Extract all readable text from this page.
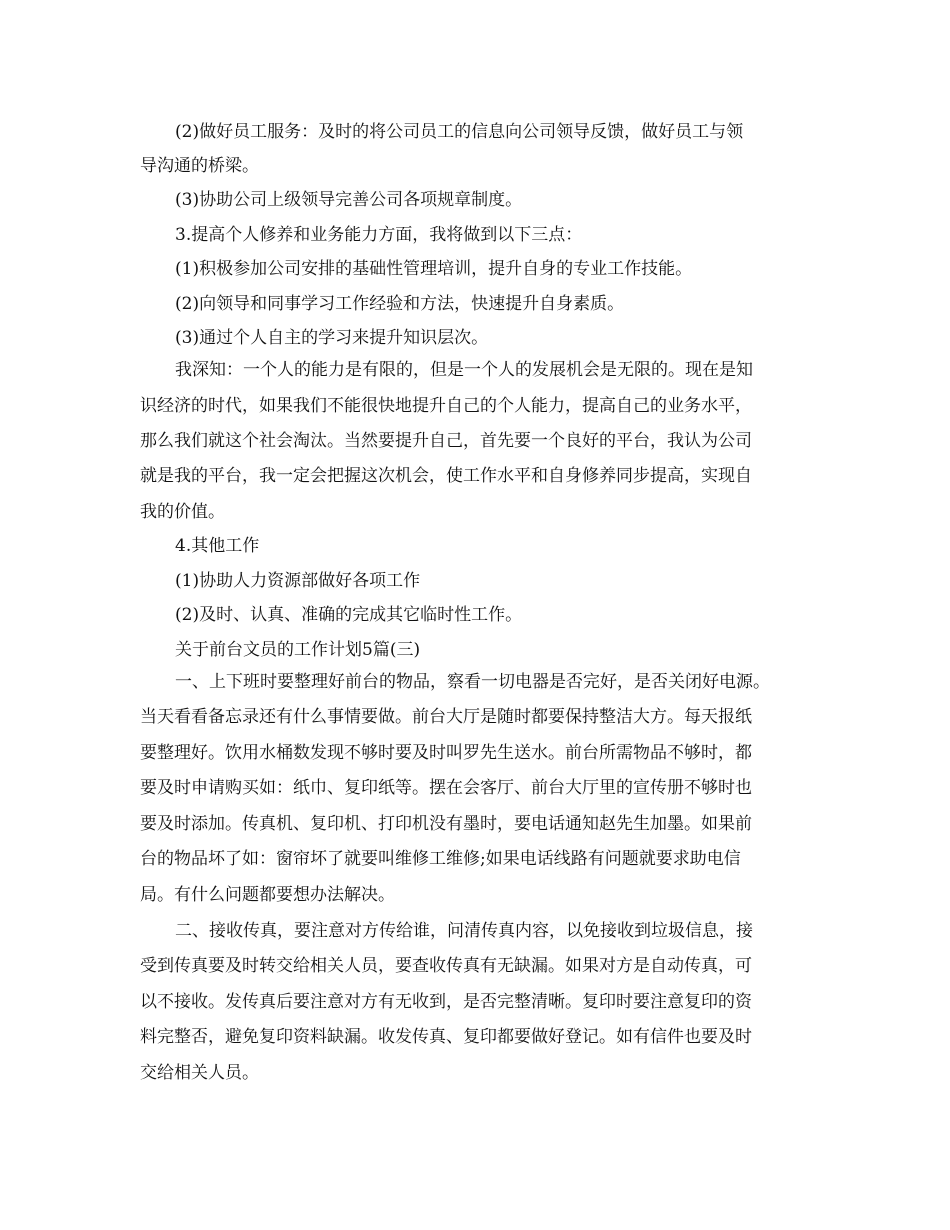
(2)做好员工服务：及时的将公司员工的信息向公司领导反馈，做好员工与领
导沟通的桥梁。
(3)协助公司上级领导完善公司各项规章制度。
3.提高个人修养和业务能力方面，我将做到以下三点：
(1)积极参加公司安排的基础性管理培训，提升自身的专业工作技能。
(2)向领导和同事学习工作经验和方法，快速提升自身素质。
(3)通过个人自主的学习来提升知识层次。
我深知：一个人的能力是有限的，但是一个人的发展机会是无限的。现在是知
识经济的时代，如果我们不能很快地提升自己的个人能力，提高自己的业务水平，
那么我们就这个社会淘汰。当然要提升自己，首先要一个良好的平台，我认为公司
就是我的平台，我一定会把握这次机会，使工作水平和自身修养同步提高，实现自
我的价值。
4.其他工作
(1)协助人力资源部做好各项工作
(2)及时、认真、准确的完成其它临时性工作。
关于前台文员的工作计划5篇(三)
一、上下班时要整理好前台的物品，察看一切电器是否完好，是否关闭好电源。
当天看看备忘录还有什么事情要做。前台大厅是随时都要保持整洁大方。每天报纸
要整理好。饮用水桶数发现不够时要及时叫罗先生送水。前台所需物品不够时，都
要及时申请购买如：纸巾、复印纸等。摆在会客厅、前台大厅里的宣传册不够时也
要及时添加。传真机、复印机、打印机没有墨时，要电话通知赵先生加墨。如果前
台的物品坏了如：窗帘坏了就要叫维修工维修;如果电话线路有问题就要求助电信
局。有什么问题都要想办法解决。
二、接收传真，要注意对方传给谁，问清传真内容，以免接收到垃圾信息，接
受到传真要及时转交给相关人员，要查收传真有无缺漏。如果对方是自动传真，可
以不接收。发传真后要注意对方有无收到，是否完整清晰。复印时要注意复印的资
料完整否，避免复印资料缺漏。收发传真、复印都要做好登记。如有信件也要及时
交给相关人员。
